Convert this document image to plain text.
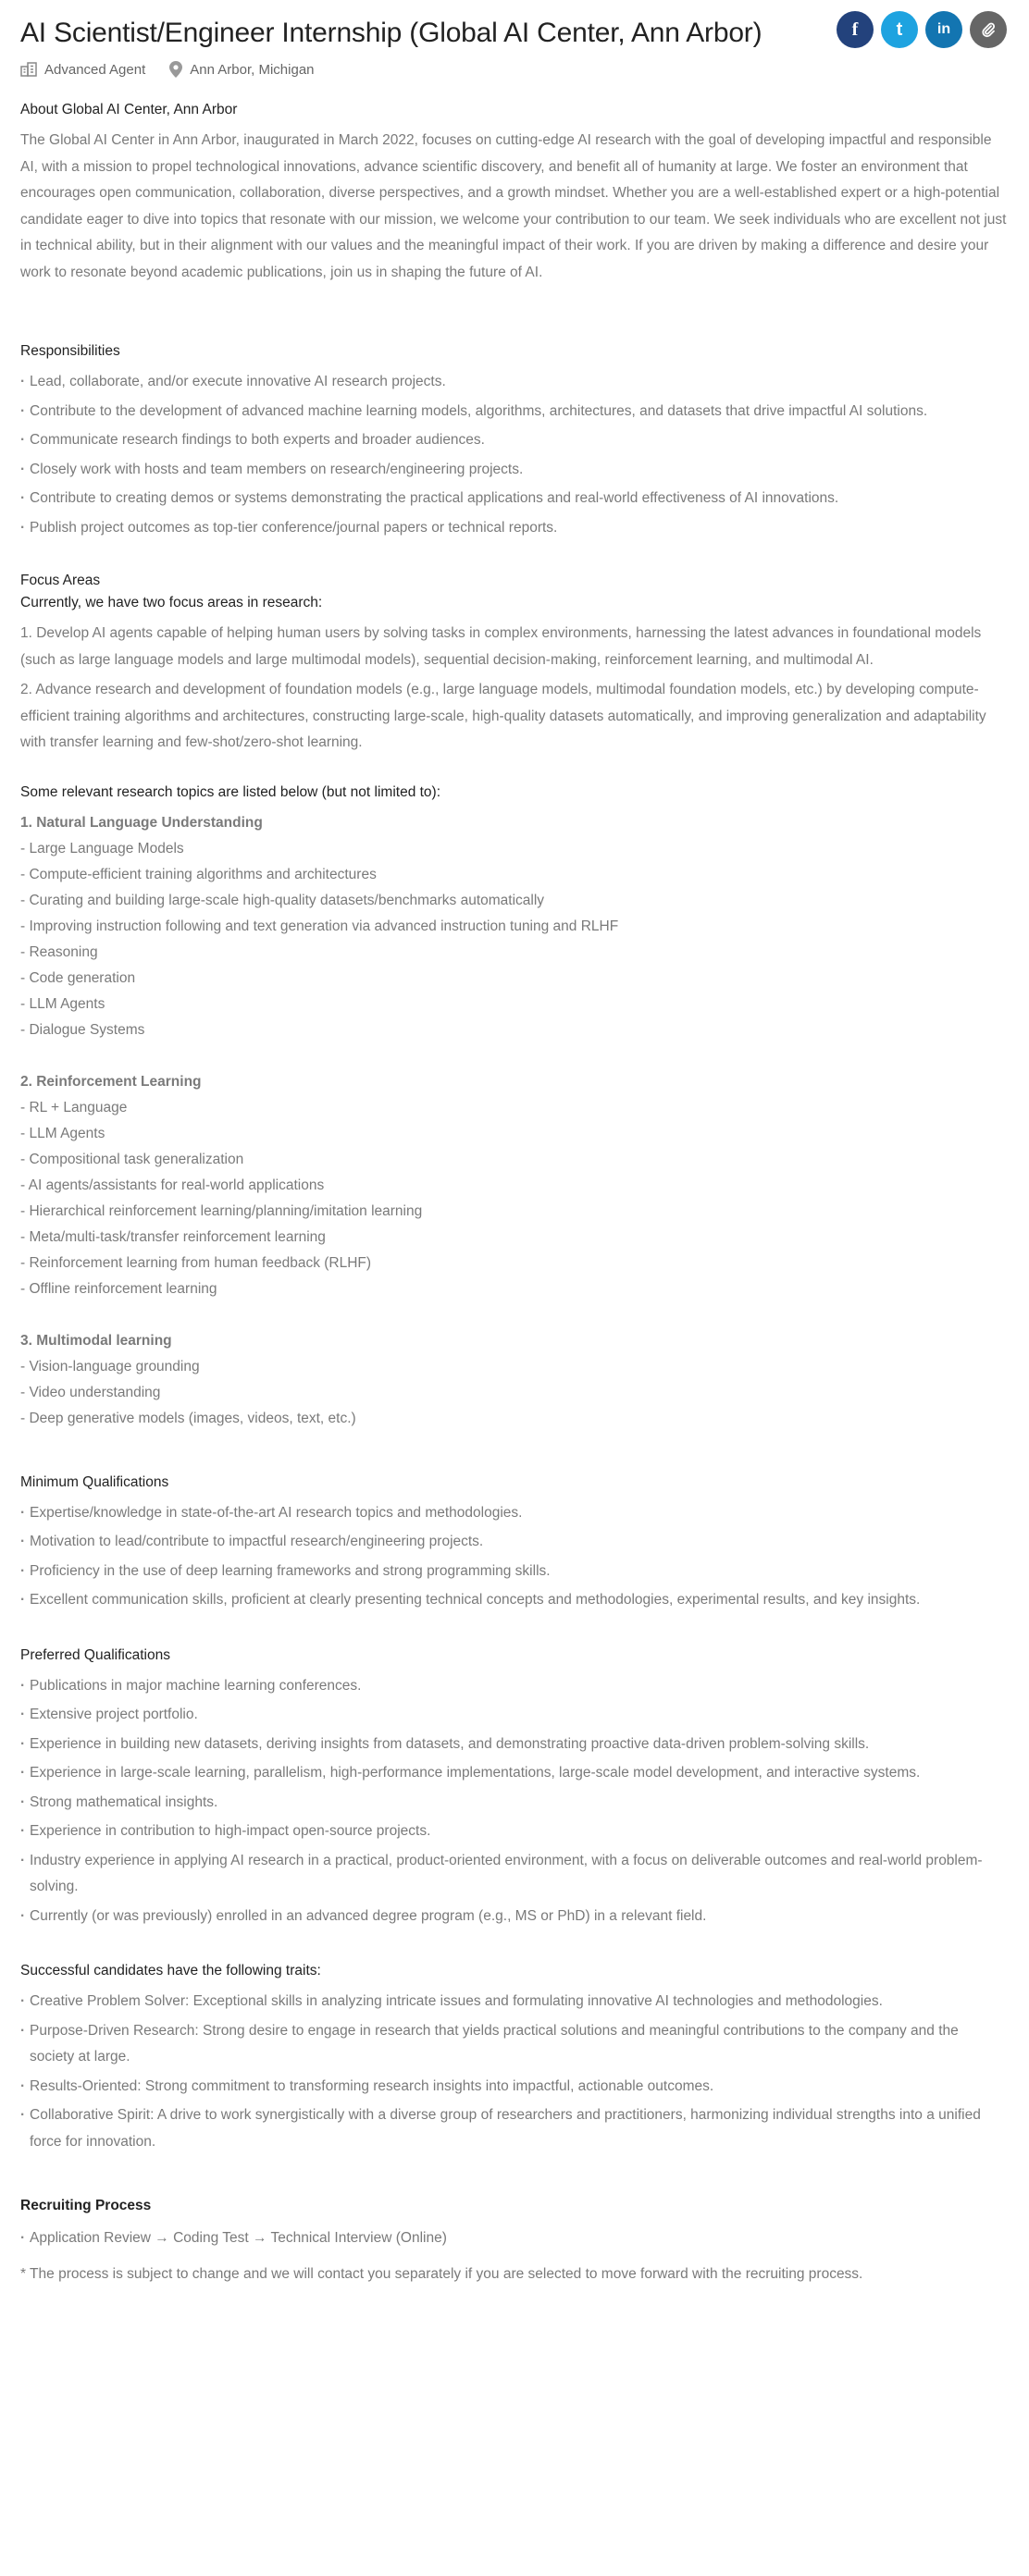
AI Scientist/Engineer Internship (Global AI Center, Ann Arbor)	f t in
Advanced Agent	Ann Arbor, Michigan
About Global AI Center, Ann Arbor

The Global AI Center in Ann Arbor, inaugurated in March 2022, focuses on cutting-edge AI research with the goal of developing impactful and responsible AI, with a mission to propel technological innovations, advance scientific discovery, and benefit all of humanity at large. We foster an environment that encourages open communication, collaboration, diverse perspectives, and a growth mindset. Whether you are a well-established expert or a high-potential candidate eager to dive into topics that resonate with our mission, we welcome your contribution to our team. We seek individuals who are excellent not just in technical ability, but in their alignment with our values and the meaningful impact of their work. If you are driven by making a difference and desire your work to resonate beyond academic publications, join us in shaping the future of AI.

Responsibilities
· Lead, collaborate, and/or execute innovative AI research projects.
· Contribute to the development of advanced machine learning models, algorithms, architectures, and datasets that drive impactful AI solutions.
· Communicate research findings to both experts and broader audiences.
· Closely work with hosts and team members on research/engineering projects.
· Contribute to creating demos or systems demonstrating the practical applications and real-world effectiveness of AI innovations.
· Publish project outcomes as top-tier conference/journal papers or technical reports.
Focus Areas
Currently, we have two focus areas in research:

1. Develop AI agents capable of helping human users by solving tasks in complex environments, harnessing the latest advances in foundational models (such as large language models and large multimodal models), sequential decision-making, reinforcement learning, and multimodal AI.

2. Advance research and development of foundation models (e.g., large language models, multimodal foundation models, etc.) by developing compute-efficient training algorithms and architectures, constructing large-scale, high-quality datasets automatically, and improving generalization and adaptability with transfer learning and few-shot/zero-shot learning.

Some relevant research topics are listed below (but not limited to):
1. Natural Language Understanding
- Large Language Models
- Compute-efficient training algorithms and architectures
- Curating and building large-scale high-quality datasets/benchmarks automatically
- Improving instruction following and text generation via advanced instruction tuning and RLHF
- Reasoning
- Code generation
- LLM Agents
- Dialogue Systems
2. Reinforcement Learning
- RL + Language
- LLM Agents
- Compositional task generalization
- AI agents/assistants for real-world applications
- Hierarchical reinforcement learning/planning/imitation learning
- Meta/multi-task/transfer reinforcement learning
- Reinforcement learning from human feedback (RLHF)
- Offline reinforcement learning
3. Multimodal learning
- Vision-language grounding
- Video understanding
- Deep generative models (images, videos, text, etc.)
Minimum Qualifications
· Expertise/knowledge in state-of-the-art AI research topics and methodologies.
· Motivation to lead/contribute to impactful research/engineering projects.
· Proficiency in the use of deep learning frameworks and strong programming skills.
· Excellent communication skills, proficient at clearly presenting technical concepts and methodologies, experimental results, and key insights.
Preferred Qualifications
· Publications in major machine learning conferences.
· Extensive project portfolio.
· Experience in building new datasets, deriving insights from datasets, and demonstrating proactive data-driven problem-solving skills.
· Experience in large-scale learning, parallelism, high-performance implementations, large-scale model development, and interactive systems.
· Strong mathematical insights.
· Experience in contribution to high-impact open-source projects.
· Industry experience in applying AI research in a practical, product-oriented environment, with a focus on deliverable outcomes and real-world problem-solving.
· Currently (or was previously) enrolled in an advanced degree program (e.g., MS or PhD) in a relevant field.
Successful candidates have the following traits:
· Creative Problem Solver: Exceptional skills in analyzing intricate issues and formulating innovative AI technologies and methodologies.
· Purpose-Driven Research: Strong desire to engage in research that yields practical solutions and meaningful contributions to the company and the society at large.
· Results-Oriented: Strong commitment to transforming research insights into impactful, actionable outcomes.
· Collaborative Spirit: A drive to work synergistically with a diverse group of researchers and practitioners, harmonizing individual strengths into a unified force for innovation.
Recruiting Process
· Application Review → Coding Test → Technical Interview (Online)
* The process is subject to change and we will contact you separately if you are selected to move forward with the recruiting process.
